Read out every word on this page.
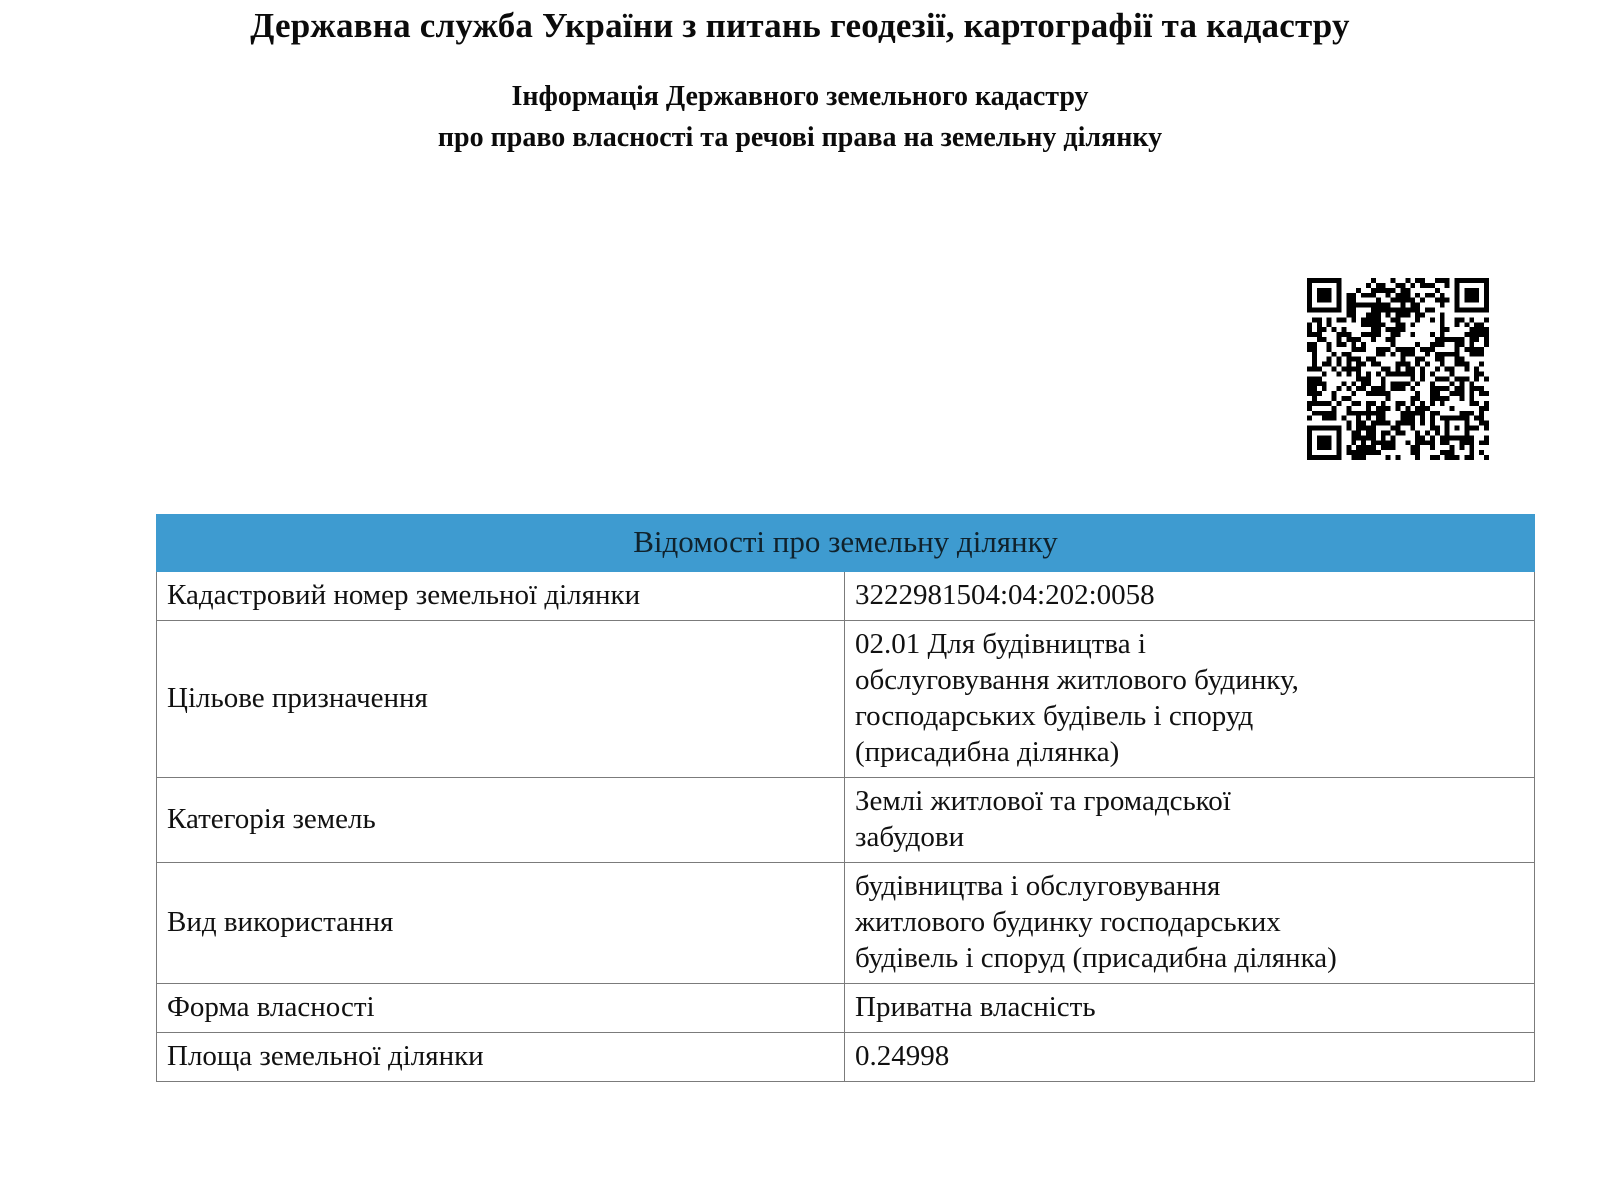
Державна служба України з питань геодезії, картографії та кадастру
Інформація Державного земельного кадастру
про право власності та речові права на земельну ділянку
Відомості про земельну ділянку	
Кадастровий номер земельної ділянки	3222981504:04:202:0058

Цільове призначення	02.01 Для будівництва і
обслуговування житлового будинку,
господарських будівель і споруд
(присадибна ділянка)

Категорія земель	Землі житлової та громадської
забудови

Вид використання	будівництва і обслуговування
житлового будинку господарських
будівель і споруд (присадибна ділянка)

Форма власності	Приватна власність

Площа земельної ділянки	0.24998
